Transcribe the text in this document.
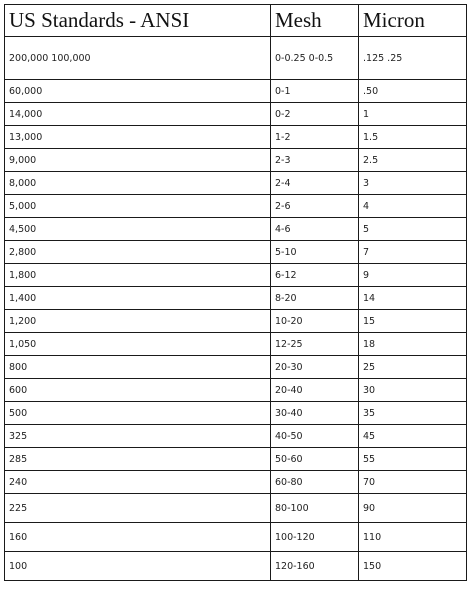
US Standards - ANSI	Mesh	Micron
200,000 100,000	0-0.25 0-0.5	.125 .25
60,000	0-1	.50
14,000	0-2	1
13,000	1-2	1.5
9,000	2-3	2.5
8,000	2-4	3
5,000	2-6	4
4,500	4-6	5
2,800	5-10	7
1,800	6-12	9
1,400	8-20	14
1,200	10-20	15
1,050	12-25	18
800	20-30	25
600	20-40	30
500	30-40	35
325	40-50	45
285	50-60	55
240	60-80	70
225	80-100	90
160	100-120	110
100	120-160	150
